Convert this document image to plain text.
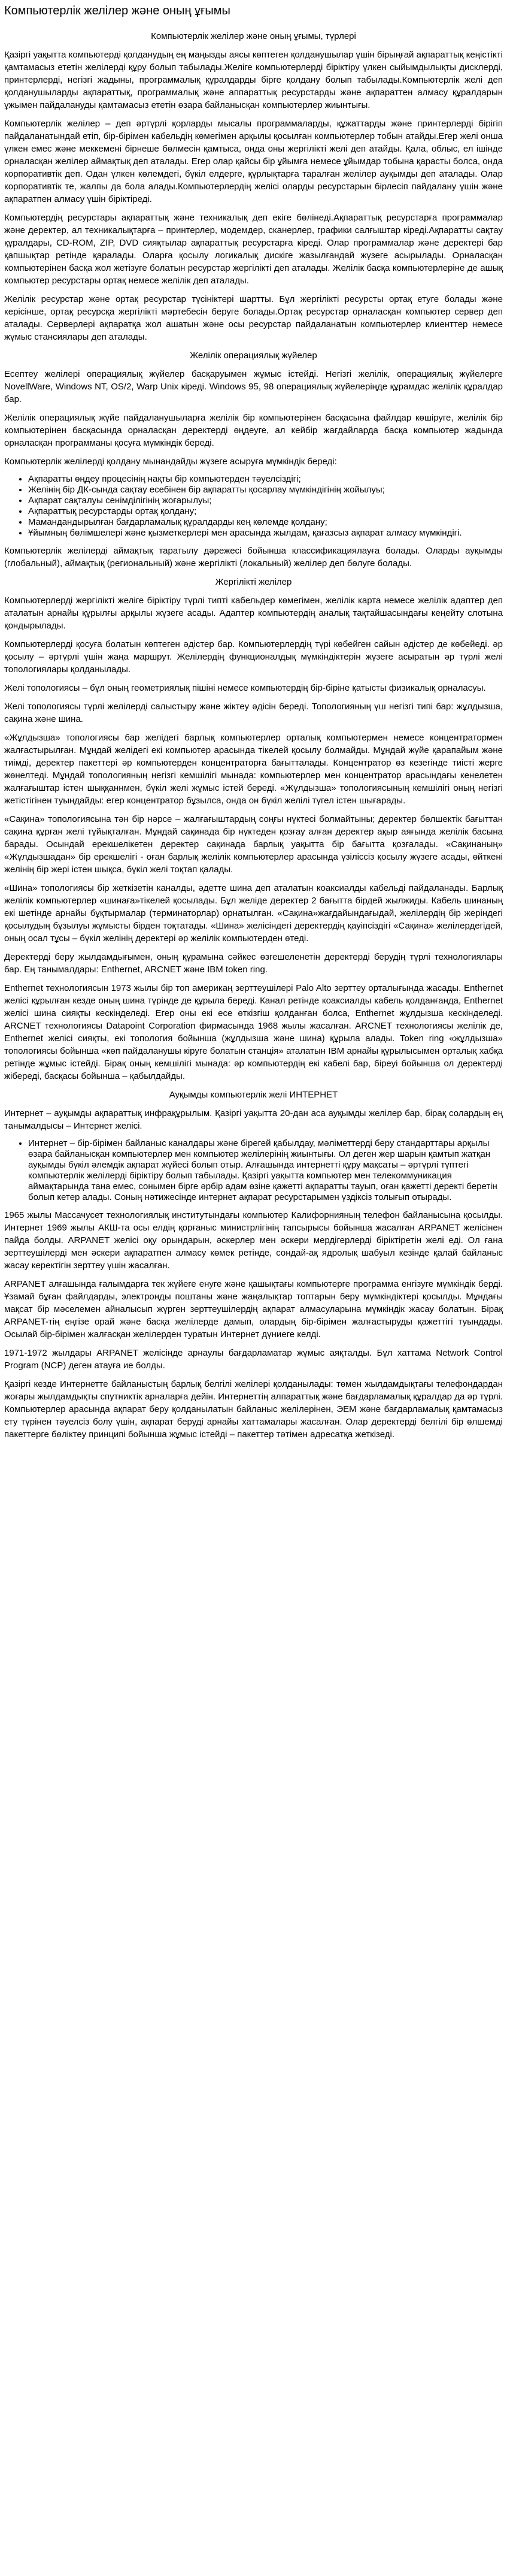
Компьютерлік желілер және оның ұғымы
Компьютерлік желілер және оның ұғымы, түрлері

Қазіргі уақытта компьютерді қолданудың ең маңызды аясы көптеген қолданушылар үшін бірыңғай ақпараттық кеңістікті қамтамасыз ететін желілерді құру болып табылады.Желіге компьютерлерді біріктіру үлкен сыйымдылықты дисклерді, принтерлерді, негізгі жадыны, программалық құралдарды бірге қолдану болып табылады.Компьютерлік желі деп қолданушыларды ақпараттық, программалық және аппараттық ресурстарды және ақпараттен алмасу құралдарын ұжымен пайдалануды қамтамасыз ететін өзара байланысқан компьютерлер жиынтығы.

Компьютерлік желілер – деп әртүрлі қорларды мысалы программаларды, құжаттарды және принтерлерді бірігіп пайдаланатындай етіп, бір-бірімен кабельдің көмегімен арқылы қосылған компьютерлер тобын атайды.Егер желі онша үлкен емес және меккемені бірнеше бөлмесін қамтыса, онда оны жергілікті желі деп атайды. Қала, облыс, ел ішінде орналасқан желілер аймақтық деп аталады. Егер олар қайсы бір ұйымға немесе ұйымдар тобына қарасты болса, онда корпоративтік деп. Одан үлкен көлемдегі, бүкіл елдерге, құрлықтарға таралған желілер ауқымды деп аталады. Олар корпоративтік те, жалпы да бола алады.Компьютерлердің желісі оларды ресурстарын бірлесіп пайдалану үшін және ақпаратпен алмасу үшін біріктіреді.

Компьютердің ресурстары ақпараттық және техникалық деп екіге бөлінеді.Ақпараттық ресурстарға программалар және деректер, ал техникалықтарға – принтерлер, модемдер, сканерлер, графики салғыштар кіреді.Ақпаратты сақтау құралдары, CD-ROM, ZIP, DVD сияқтылар ақпараттық ресурстарға кіреді. Олар программалар және деректері бар қапшықтар ретінде қаралады. Оларға қосылу логикалық дискіге жазылғандай жүзеге асырылады. Орналасқан компьютерінен басқа жол жетізуге болатын ресурстар жергілікті деп аталады. Желілік басқа компьютерлеріне де ашық компьютер ресурстары ортақ немесе желілік деп аталады.

Желілік ресурстар және ортақ ресурстар түсініктері шартты. Бұл жергілікті ресурсты ортақ етуге болады және керісінше, ортақ ресурсқа жергілікті мәртебесін беруге болады.Ортақ ресурстар орналасқан компьютер сервер деп аталады. Серверлері ақпаратқа жол ашатын және осы ресурстар пайдаланатын компьютерлер клиенттер немесе жұмыс стансиялары деп аталады.

Желілік операциялық жүйелер

Есептеу желілері операциялық жүйелер басқаруымен жұмыс істейді. Негізгі желілік, операциялық жүйелерге NovellWare, Windows NT, OS/2, Warp Unix кіреді. Windows 95, 98 операциялық жүйелеріңде құрамдас желілік құралдар бар.

Желілік операциялық жүйе пайдаланушыларға желілік бір компьютерінен басқасына файлдар көшіруге, желілік бір компьютерінен басқасында орналасқан деректерді өңдеуге, ал кейбір жағдайларда басқа компьютер жадында орналасқан программаны қосуға мүмкіндік береді.

Компьютерлік желілерді қолдану мынандайды жүзеге асыруға мүмкіндік береді:

• Ақпаратты өңдеу процесінің нақты бір компьютерден тәуелсіздігі;
• Желінің бір ДК-сында сақтау есебінен бір ақпаратты қосарлау мүмкіндігінің жойылуы;
• Ақпарат сақталуы сенімділігінің жоғарылуы;
• Ақпараттық ресурстарды ортақ қолдану;
• Мамандандырылған бағдарламалық құралдарды кең көлемде қолдану;
• Ұйымның бөлімшелері және қызметкерлері мен арасында жылдам, қағазсыз ақпарат алмасу мүмкіндігі.

Компьютерлік желілерді аймақтық таратылу дәрежесі бойынша классификациялауға болады. Оларды ауқымды (глобальный), аймақтық (региональный) және жергілікті (локальный) желілер деп бөлуге болады.

Жергілікті желілер

Компьютерлерді жергілікті желіге біріктіру түрлі типті кабельдер көмегімен, желілік карта немесе желілік адаптер деп аталатын арнайы құрылғы арқылы жүзеге асады. Адаптер компьютердің аналық тақтайшасындағы кеңейту слотына қондырылады.

Компьютерлерді қосуға болатын көптеген әдістер бар. Компьютерлердің түрі көбейген сайын әдістер де көбейеді. әр қосылу – әртүрлі үшін жаңа маршрут. Желілердің функционалдық мүмкіндіктерін жүзеге асыратын әр түрлі желі топологиялары қолданылады.

Желі топологиясы – бұл оның геометриялық пішіні немесе компьютердің бір-біріне қатысты физикалық орналасуы.

Желі топологиясы түрлі желілерді салыстыру және жіктеу әдісін береді. Топологияның үш негізгі типі бар: жұлдызша, сақина және шина.

«Жұлдызша» топологиясы бар желідегі барлық компьютерлер орталық компьютермен немесе концентратормен жалғастырылған. Мұндай желідегі екі компьютер арасында тікелей қосылу болмайды. Мұндай жүйе қарапайым және тиімді, деректер пакеттері әр компьютерден концентраторға бағытталады. Концентратор өз кезегінде тиісті жерге жөнелтеді. Мұндай топологияның негізгі кемшілігі мынада: компьютерлер мен концентратор арасындағы кенелетен жалғағыштар істен шыққаннмен, бүкіл желі жұмыс істей береді. «Жұлдызша» топологиясының кемшілігі оның негізгі жетістігінен туындайды: егер концентратор бұзылса, онда он бүкіл желілі түгел істен шығарады.

«Сақина» топологиясына тән бір нәрсе – жалғағыштардың соңғы нүктесі болмайтыны; деректер бөлшектік бағыттан сақина құрған желі түйықталған. Мұндай сақинада бір нүктеден қозғау алған деректер ақыр аяғында желілік басына барады. Осындай ерекшелікетен деректер сақинада барлық уақытта бір бағытта қозғалады. «Сақинаның» «Жұлдызшадан» бір ерекшелігі - оған барлық желілік компьютерлер арасында үзіліссіз қосылу жүзеге асады, өйткені желінің бір жері істен шықса, бүкіл желі тоқтап қалады.

«Шина» топологиясы бір жеткізетін каналды, әдетте шина деп аталатын коаксиалды кабельді пайдаланады. Барлық желілік компьютерлер «шинаға»тікелей қосылады. Бұл желіде деректер 2 бағытта бірдей жылжиды. Кабель шинаның екі шетінде арнайы бұқтырмалар (терминаторлар) орнатылған. «Сақина»жағдайындағыдай, желілердің бір жеріндегі қосылудың бұзылуы жұмысты бірден тоқтатады. «Шина» желісіндегі деректердің қауіпсіздігі «Сақина» желілердегідей, оның осал тұсы – бүкіл желінің деректері әр желілік компьютерден өтеді.

Деректерді беру жылдамдығымен, оның құрамына сәйкес өзгешеленетін деректерді берудің түрлі технологиялары бар. Ең танымалдары: Enthernet, ARCNET және IBM token ring.

Enthernet технологиясын 1973 жылы бір топ америкаң зерттеушілері Palo Alto зерттеу орталығында жасады. Enthernet желісі құрылған кезде оның шина түрінде де құрыла береді. Канал ретінде коаксиалды кабель қолданғанда, Enthernet желісі шина сияқты кескінделеді. Егер оны екі есе өткізгіш қолданған болса, Enthernet жұлдызша кескінделеді. ARCNET технологиясы Datapoint Corporation фирмасында 1968 жылы жасалған. ARCNET технологиясы желілік де, Enthernet желісі сияқты, екі топология бойынша (жұлдызша және шина) құрыла алады. Token ring «жұлдызша» топологиясы бойынша «көп пайдаланушы кіруге болатын станція» аталатын IBM арнайы құрылысымен орталық хабқа ретінде жұмыс істейді. Бірақ оның кемшілігі мынада: әр компьютердің екі кабелі бар, біреуі бойынша ол деректерді жібереді, басқасы бойынша – қабылдайды.

Ауқымды компьютерлік желі ИНТЕРНЕТ

Интернет – ауқымды ақпараттық инфрақұрылым. Қазіргі уақытта 20-дан аса ауқымды желілер бар, бірақ солардың ең танымалдысы – Интернет желісі.

• Интернет – бір-бірімен байланыс каналдары және бірегей қабылдау, мәліметтерді беру стандарттары арқылы өзара байланысқан компьютерлер мен компьютер желілерінің жиынтығы. Ол деген жер шарын қамтып жатқан ауқымды бүкіл әлемдік ақпарат жүйесі болып отыр. Алғашында интернетті құру мақсаты – әртүрлі түптегі компьютерлік желілерді біріктіру болып табылады. Қазіргі уақытта компьютер мен телекоммуникация аймақтарында тана емес, сонымен бірге әрбір адам өзіне қажетті ақпаратты тауып, оған қажетті деректі беретін болып кетер алады. Соның нәтижесінде интернет ақпарат ресурстарымен үздіксіз толығып отырады.

1965 жылы Массачусет технологиялық институтындағы компьютер Калифорнияның телефон байланысына қосылды. Интернет 1969 жылы АКШ-та осы елдің қорғаныс министрлігінің тапсырысы бойынша жасалған ARPANET желісінен пайда болды. ARPANET желісі оқу орындарын, әскерлер мен әскери мердігерлерді біріктіретін желі еді. Ол ғана зерттеушілерді мен әскери ақпаратпен алмасу көмек ретінде, сондай-ақ ядролық шабуыл кезінде қалай байланыс жасау керектігін зерттеу үшін жасалған.

ARPANET алғашында ғалымдарға тек жүйеге енуге және қашықтағы компьютерге программа енгізуге мүмкіндік берді. Ұзамай бұған файлдарды, электронды поштаны және жаңалықтар топтарын беру мүмкіндіктері қосылды. Мұндағы мақсат бір мәселемен айналысып жүрген зерттеушілердің ақпарат алмасуларына мүмкіндік жасау болатын. Бірақ ARPANET-тің еңгізе орай және басқа желілерде дамып, олардың бір-бірімен жалғастыруды қажеттігі туындады. Осылай бір-бірімен жалғасқан желілерден туратын Интернет дүниеге келді.

1971-1972 жылдары ARPANET желісінде арнаулы бағдарламатар жұмыс аяқталды. Бұл хаттама Network Control Program (NCP) деген атауға ие болды.

Қазіргі кезде Интернетте байланыстың барлық белгілі желілері қолданылады: төмен жылдамдықтағы телефондардан жоғары жылдамдықты спутниктік арналарға дейін. Интернеттің алпараттық және бағдарламалық құралдар да әр түрлі. Компьютерлер арасында ақпарат беру қолданылатын байланыс желілерінен, ЭЕМ және бағдарламалық қамтамасыз ету түрінен тәуелсіз болу үшін, ақпарат беруді арнайы хаттамалары жасалған. Олар деректерді белгілі бір өлшемді пакеттерге бөліктеу принципі бойынша жұмыс істейді – пакеттер тәтімен адресатқа жеткізеді.
